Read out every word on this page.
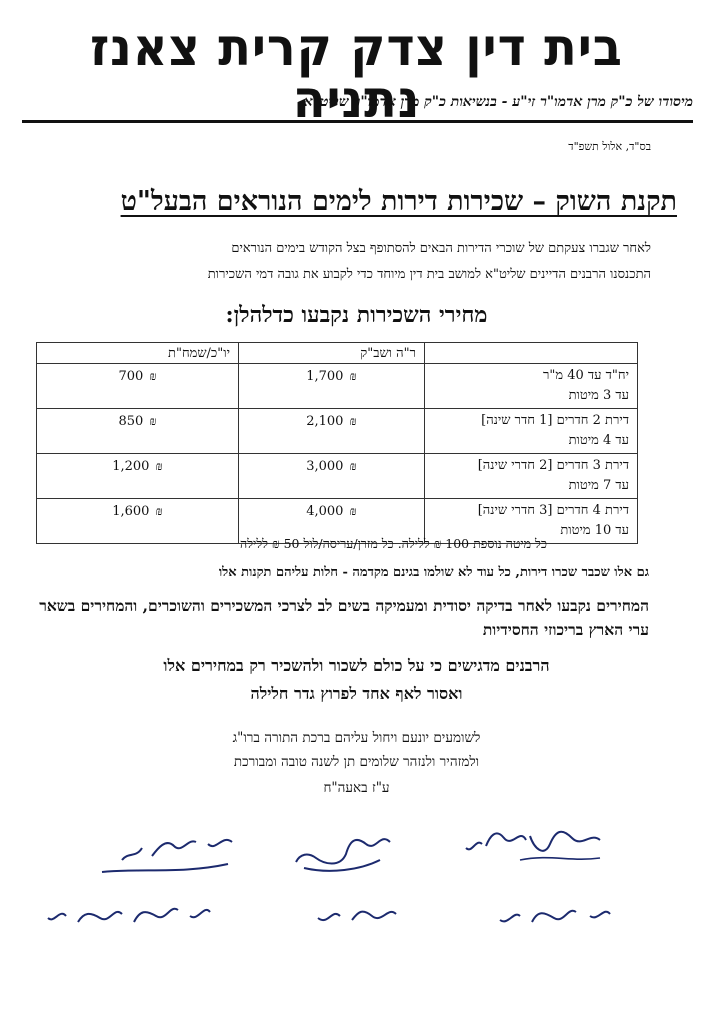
בית דין צדק קרית צאנז נתניה
מיסודו של כ"ק מרן אדמו"ר זי"ע - בנשיאות כ"ק מרן אדמו"ר שליט"א
בס"ד, אלול תשפ"ד
תקנת השוק – שכירות דירות לימים הנוראים הבעל"ט
לאחר שגברו צעקתם של שוכרי הדירות הבאים להסתופף בצל הקודש בימים הנוראים
התכנסנו הרבנים הדיינים שליט"א למושב בית דין מיוחד כדי לקבוע את גובה דמי השכירות
מחירי השכירות נקבעו כדלהלן:
	ר"ה ושב"ק	יו"כ/שמח"ת

יח"ד עד 40 מ"ר
עד 3 מיטות	1,700 ₪	700 ₪

דירת 2 חדרים [1 חדר שינה]
עד 4 מיטות	2,100 ₪	850 ₪

דירת 3 חדרים [2 חדרי שינה]
עד 7 מיטות	3,000 ₪	1,200 ₪

דירת 4 חדרים [3 חדרי שינה]
עד 10 מיטות	4,000 ₪	1,600 ₪
כל מיטה נוספת 100 ₪ ללילה. כל מזרן/עריסה/לול 50 ₪ ללילה
גם אלו שכבר שכרו דירות, כל עוד לא שולמו בגינם מקדמה - חלות עליהם תקנות אלו
המחירים נקבעו לאחר בדיקה יסודית ומעמיקה בשים לב לצרכי המשכירים והשוכרים, והמחירים בשאר ערי הארץ בריכוזי החסידיות
הרבנים מדגישים כי על כולם לשכור ולהשכיר רק במחירים אלו
ואסור לאף אחד לפרוץ גדר חלילה
לשומעים יונעם ויחול עליהם ברכת התורה ברו"ג
ולמזהיר ולנזהר שלומים תן לשנה טובה ומבורכת
ע"ז באעה"ח
